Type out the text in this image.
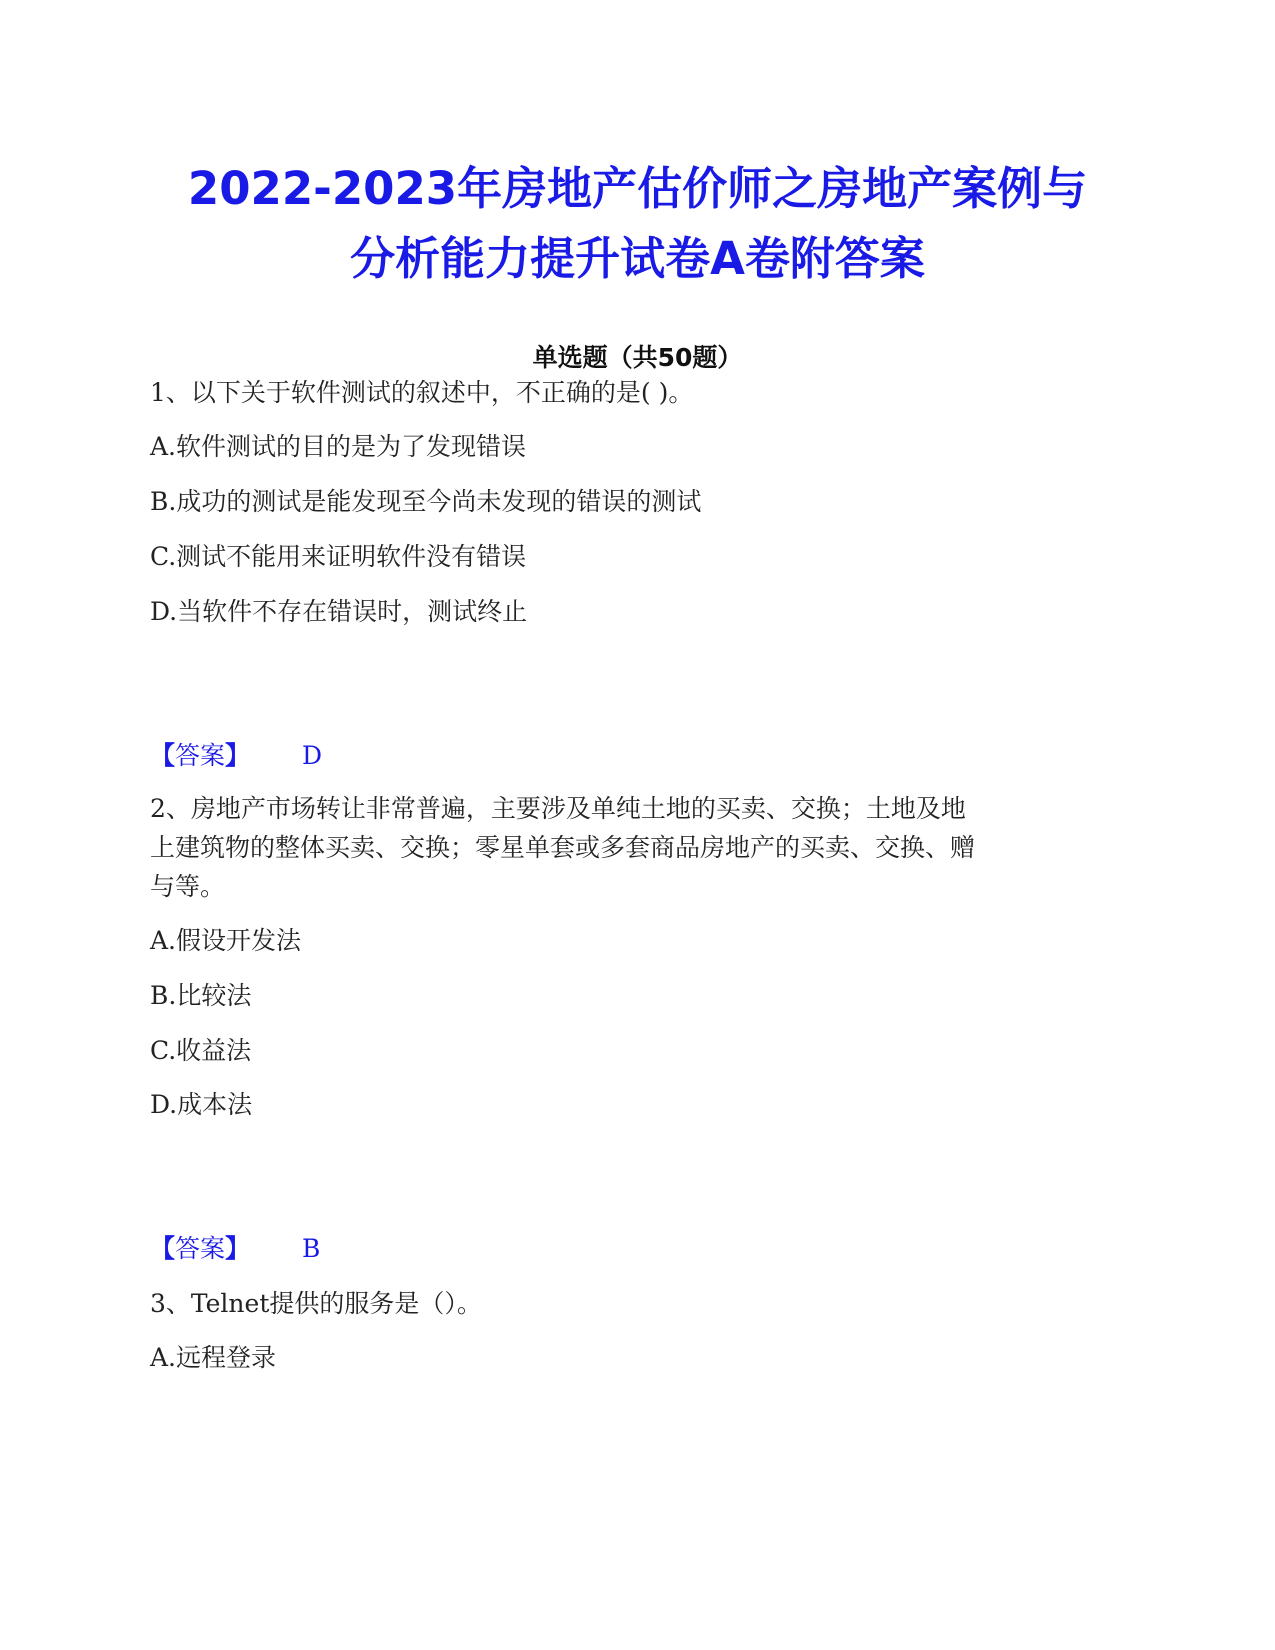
2022-2023年房地产估价师之房地产案例与
分析能力提升试卷A卷附答案
单选题（共50题）
1、以下关于软件测试的叙述中，不正确的是( )。
A.软件测试的目的是为了发现错误
B.成功的测试是能发现至今尚未发现的错误的测试
C.测试不能用来证明软件没有错误
D.当软件不存在错误时，测试终止
【答案】 D
2、房地产市场转让非常普遍，主要涉及单纯土地的买卖、交换；土地及地
上建筑物的整体买卖、交换；零星单套或多套商品房地产的买卖、交换、赠
与等。
A.假设开发法
B.比较法
C.收益法
D.成本法
【答案】 B
3、Telnet提供的服务是（）。
A.远程登录
